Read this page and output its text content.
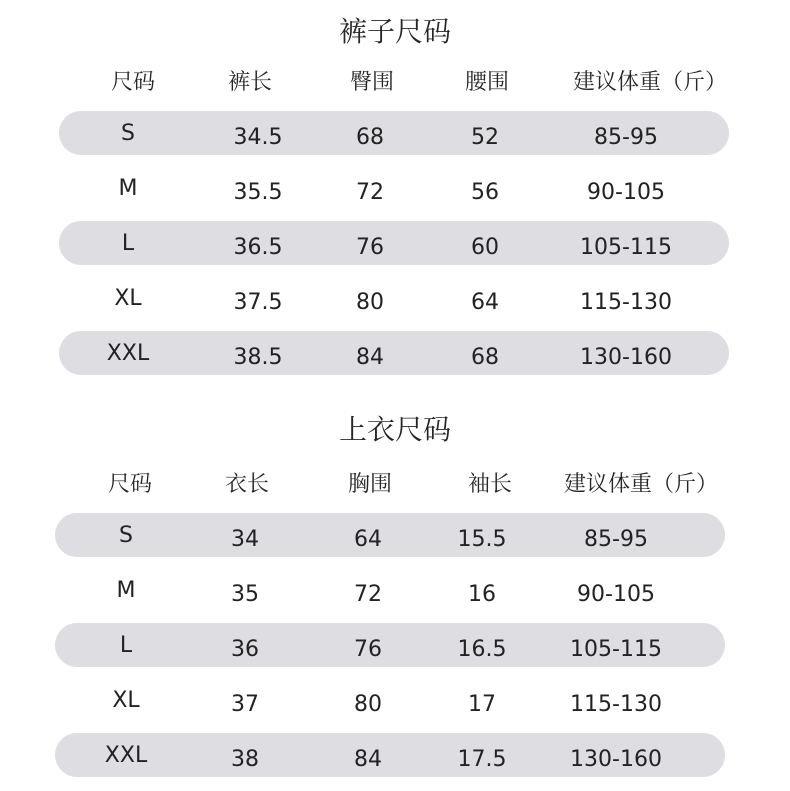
裤子尺码
尺码	裤长	臀围	腰围	建议体重（斤）
S	34.5	68	52	85-95
M	35.5	72	56	90-105
L	36.5	76	60	105-115
XL	37.5	80	64	115-130
XXL	38.5	84	68	130-160
上衣尺码
尺码	衣长	胸围	袖长 建议体重（斤）
S	34	64	15.5	85-95
M	35	72	16	90-105
L	36	76	16.5	105-115
XL	37	80	17	115-130
XXL	38	84	17.5	130-160
